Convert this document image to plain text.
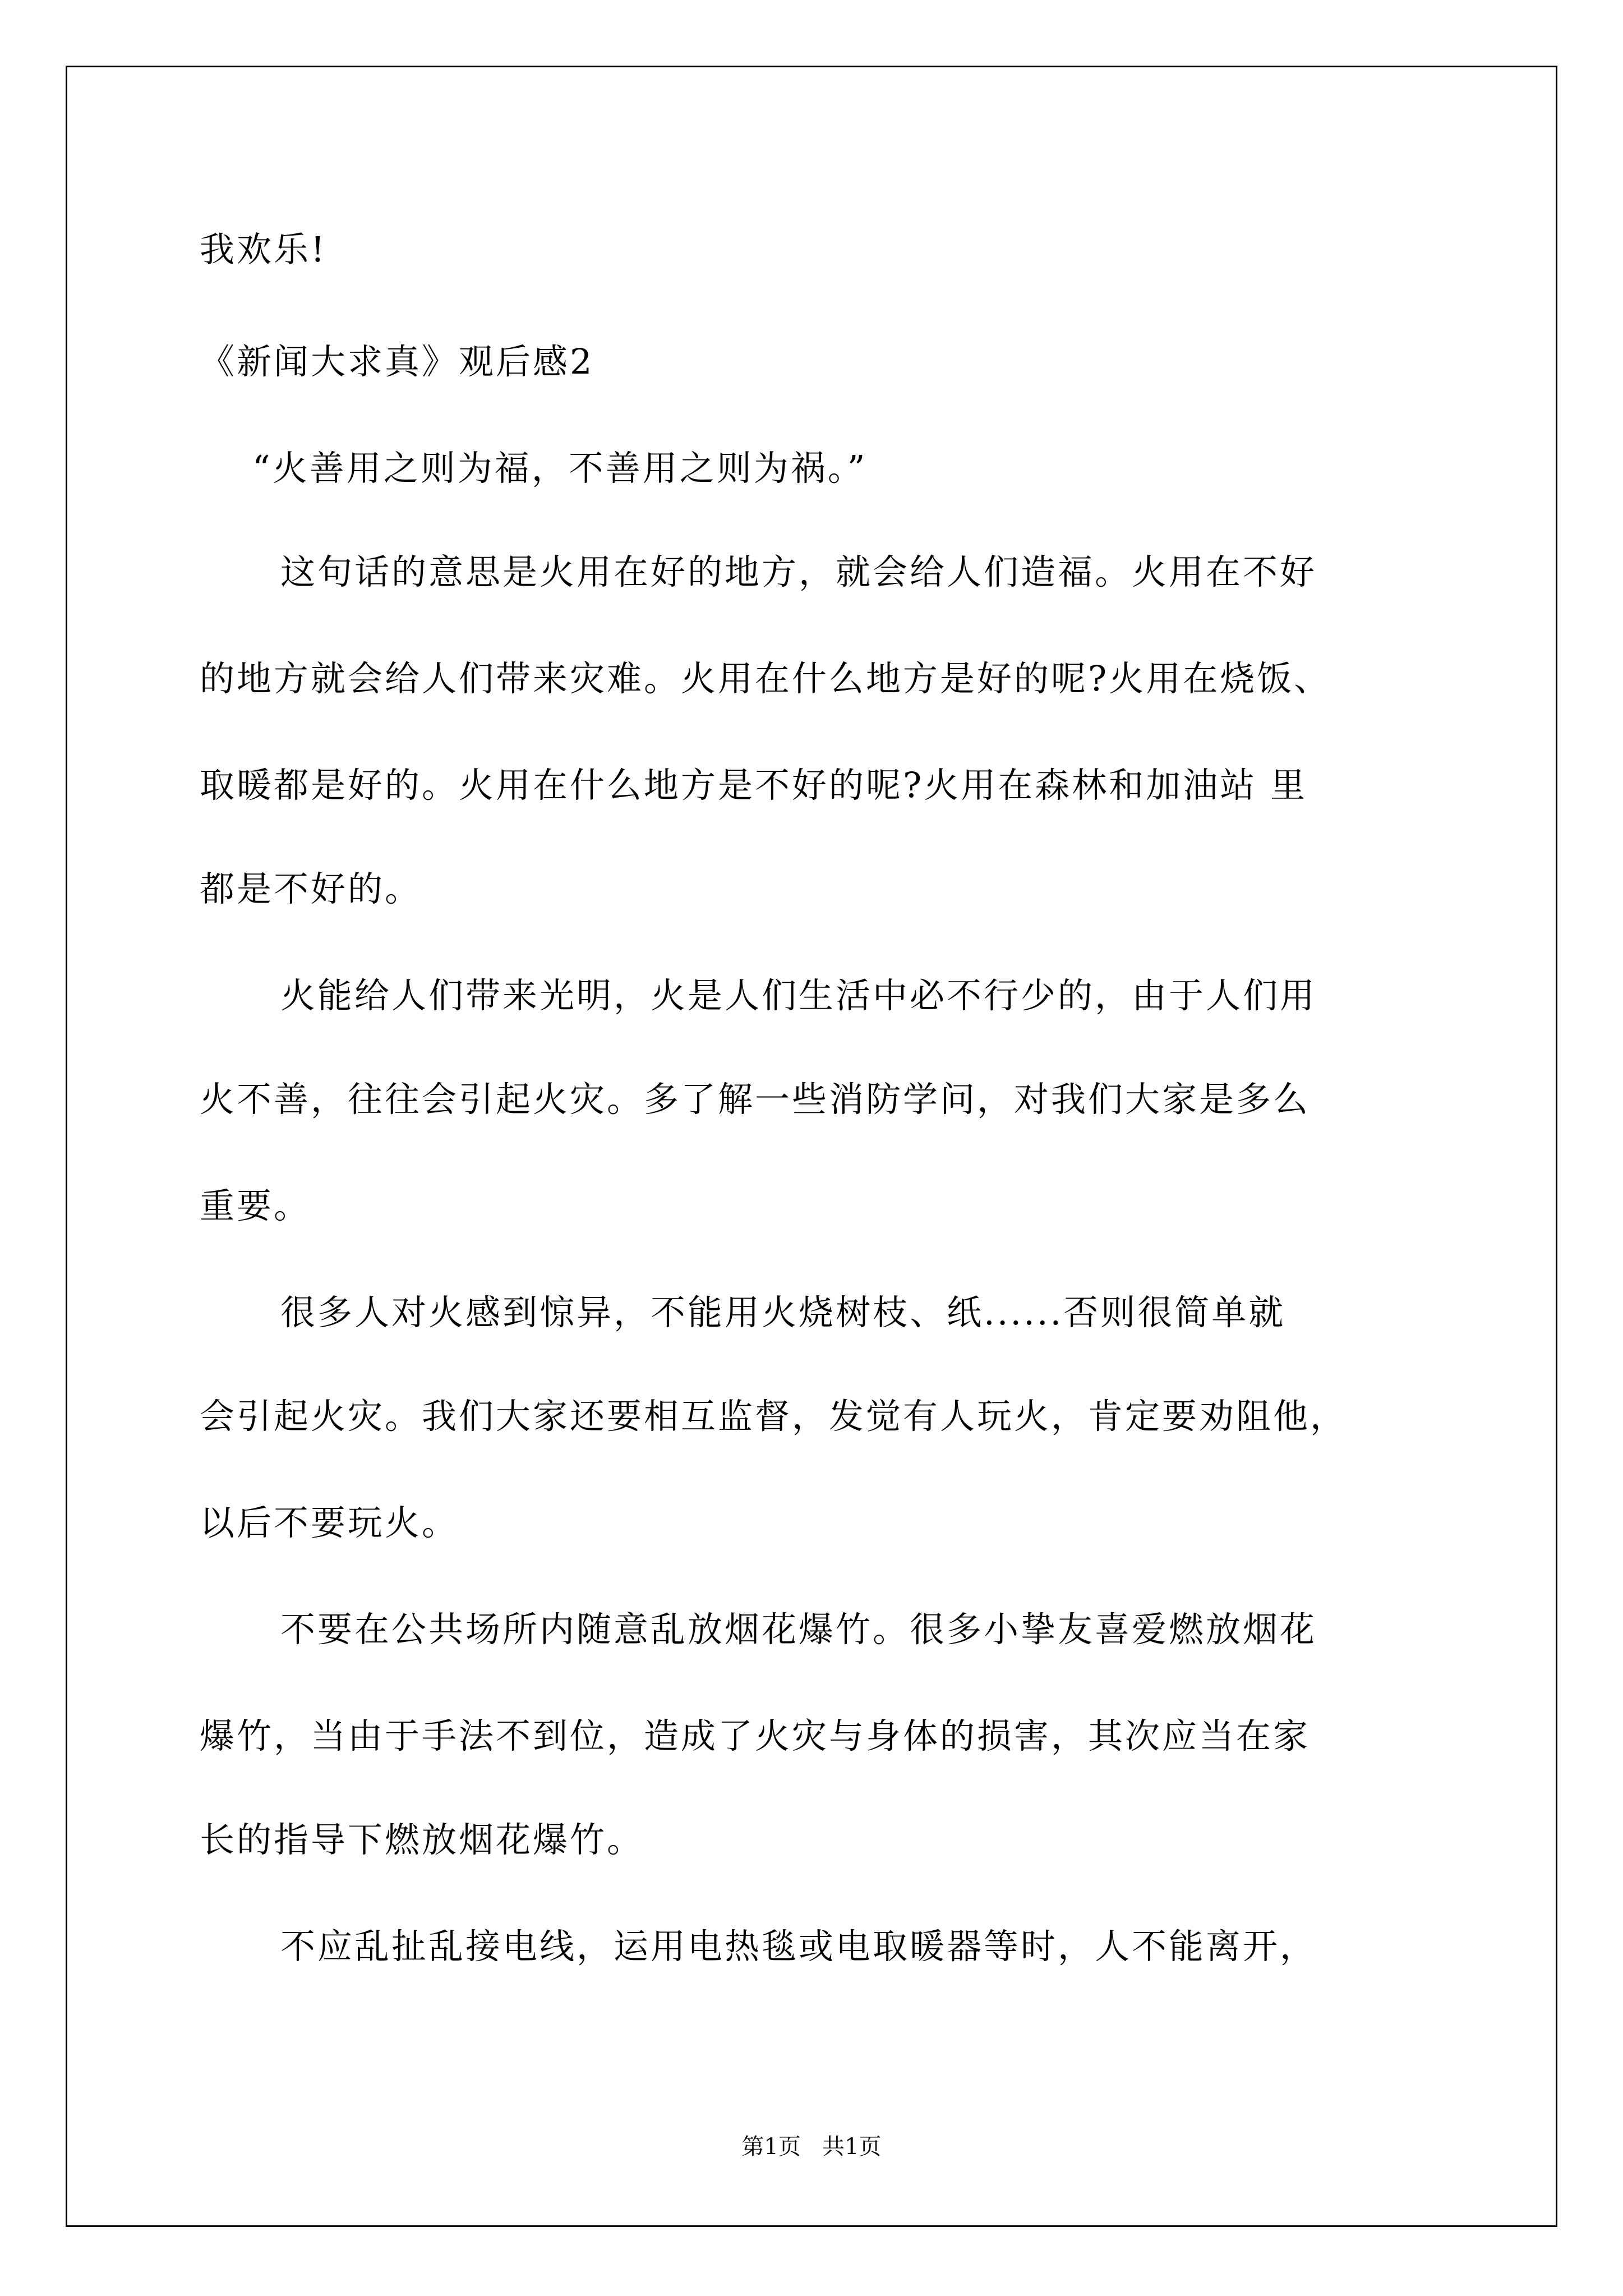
我欢乐!
《新闻大求真》观后感2
“火善用之则为福，不善用之则为祸。”
这句话的意思是火用在好的地方，就会给人们造福。火用在不好
的地方就会给人们带来灾难。火用在什么地方是好的呢?火用在烧饭、
取暖都是好的。火用在什么地方是不好的呢?火用在森林和加油站 里
都是不好的。
火能给人们带来光明，火是人们生活中必不行少的，由于人们用
火不善，往往会引起火灾。多了解一些消防学问，对我们大家是多么
重要。
很多人对火感到惊异，不能用火烧树枝、纸......否则很简单就
会引起火灾。我们大家还要相互监督，发觉有人玩火，肯定要劝阻他，
以后不要玩火。
不要在公共场所内随意乱放烟花爆竹。很多小挚友喜爱燃放烟花
爆竹，当由于手法不到位，造成了火灾与身体的损害，其次应当在家
长的指导下燃放烟花爆竹。
不应乱扯乱接电线，运用电热毯或电取暖器等时，人不能离开，
第1页   共1页
